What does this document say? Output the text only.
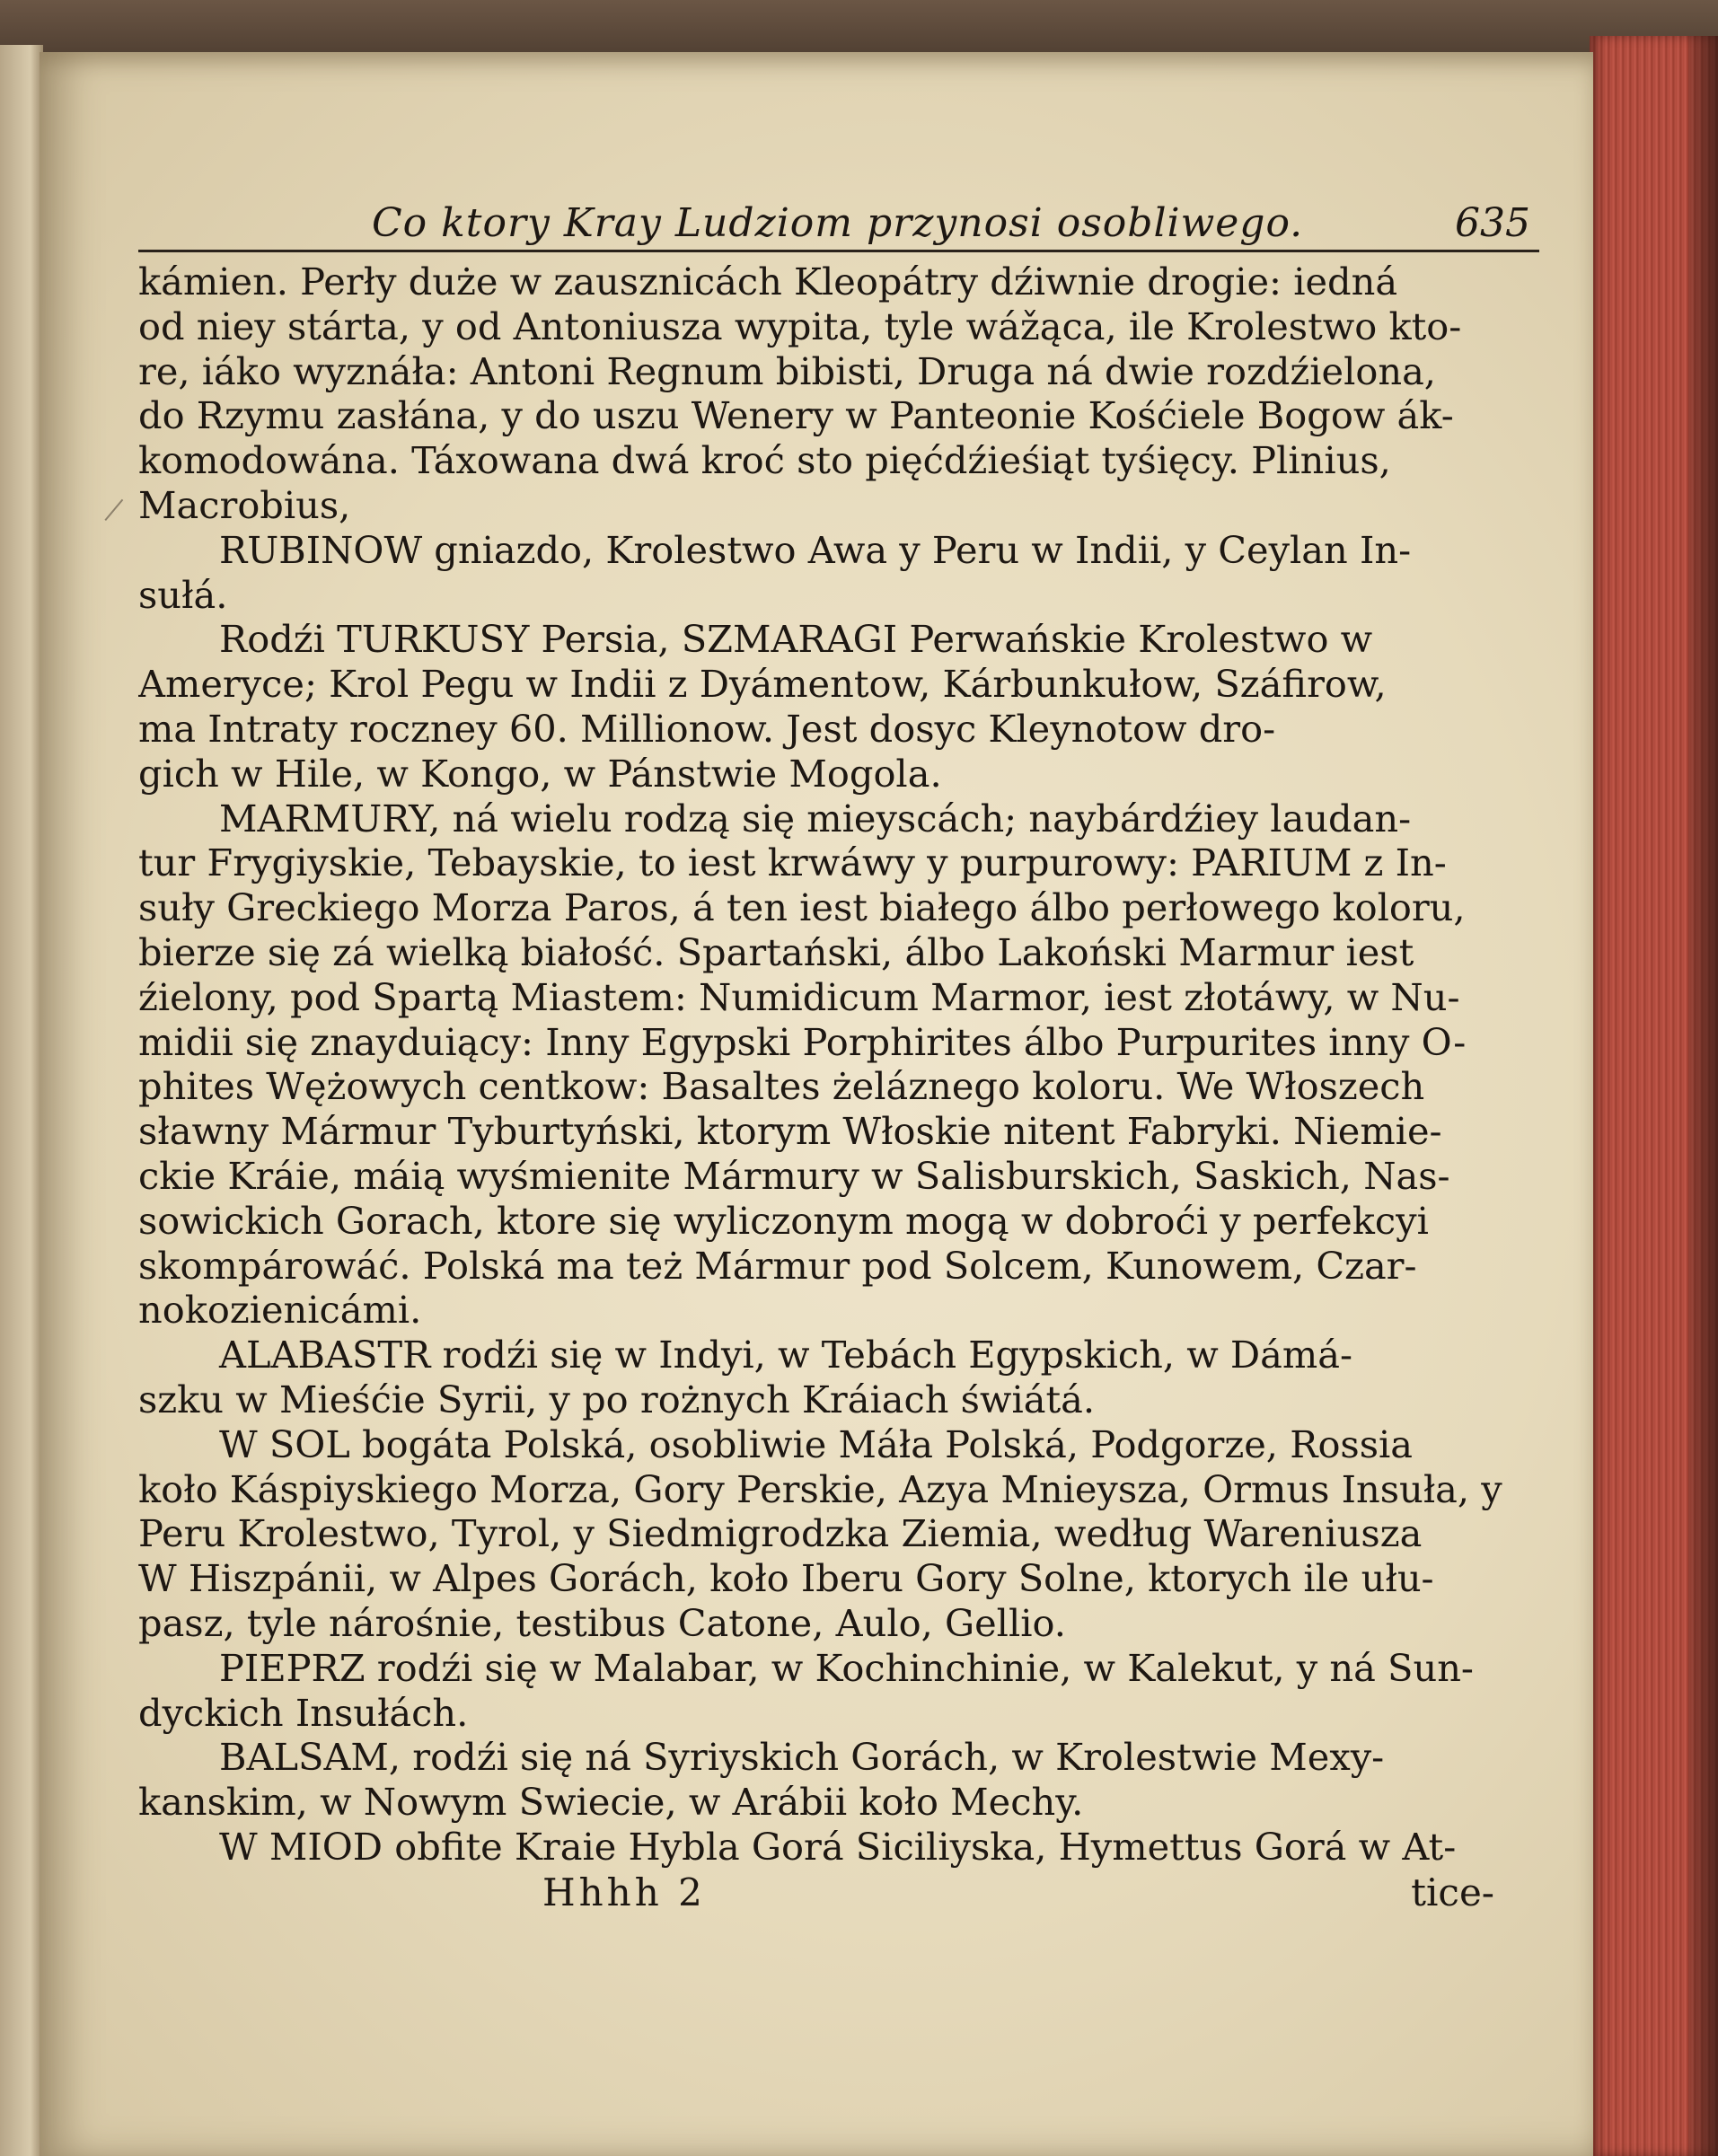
Co ktory Kray Ludziom przynosi osobliwego.	635
kámien. Perły duże w zausznicách Kleopátry dźiwnie drogie: iedná
od niey stárta, y od Antoniusza wypita, tyle wážąca, ile Krolestwo kto-
re, iáko wyznáła: Antoni Regnum bibisti, Druga ná dwie rozdźielona,
do Rzymu zasłána, y do uszu Wenery w Panteonie Kośćiele Bogow ák-
komodowána. Táxowana dwá kroć sto pięćdźieśiąt tyśięcy. Plinius,
Macrobius,
RUBINOW gniazdo, Krolestwo Awa y Peru w Indii, y Ceylan In-
sułá.
Rodźi TURKUSY Persia, SZMARAGI Perwańskie Krolestwo w
Ameryce; Krol Pegu w Indii z Dyámentow, Kárbunkułow, Száfirow,
ma Intraty roczney 60. Millionow. Jest dosyc Kleynotow dro-
gich w Hile, w Kongo, w Pánstwie Mogola.
MARMURY, ná wielu rodzą się mieyscách; naybárdźiey laudan-
tur Frygiyskie, Tebayskie, to iest krwáwy y purpurowy: PARIUM z In-
suły Greckiego Morza Paros, á ten iest białego álbo perłowego koloru,
bierze się zá wielką białość. Spartański, álbo Lakoński Marmur iest
źielony, pod Spartą Miastem: Numidicum Marmor, iest złotáwy, w Nu-
midii się znayduiący: Inny Egypski Porphirites álbo Purpurites inny O-
phites Wężowych centkow: Basaltes żeláznego koloru. We Włoszech
sławny Mármur Tyburtyński, ktorym Włoskie nitent Fabryki. Niemie-
ckie Kráie, máią wyśmienite Mármury w Salisburskich, Saskich, Nas-
sowickich Gorach, ktore się wyliczonym mogą w dobroći y perfekcyi
skompárowáć. Polská ma też Mármur pod Solcem, Kunowem, Czar-
nokozienicámi.
ALABASTR rodźi się w Indyi, w Tebách Egypskich, w Dámá-
szku w Mieśćie Syrii, y po rożnych Kráiach świátá.
W SOL bogáta Polská, osobliwie Máła Polská, Podgorze, Rossia
koło Káspiyskiego Morza, Gory Perskie, Azya Mnieysza, Ormus Insuła, y
Peru Krolestwo, Tyrol, y Siedmigrodzka Ziemia, według Wareniusza
W Hiszpánii, w Alpes Gorách, koło Iberu Gory Solne, ktorych ile ułu-
pasz, tyle nárośnie, testibus Catone, Aulo, Gellio.
PIEPRZ rodźi się w Malabar, w Kochinchinie, w Kalekut, y ná Sun-
dyckich Insułách.
BALSAM, rodźi się ná Syriyskich Gorách, w Krolestwie Mexy-
kanskim, w Nowym Swiecie, w Arábii koło Mechy.
W MIOD obfite Kraie Hybla Gorá Siciliyska, Hymettus Gorá w At-
Hhhh 2	tice-
